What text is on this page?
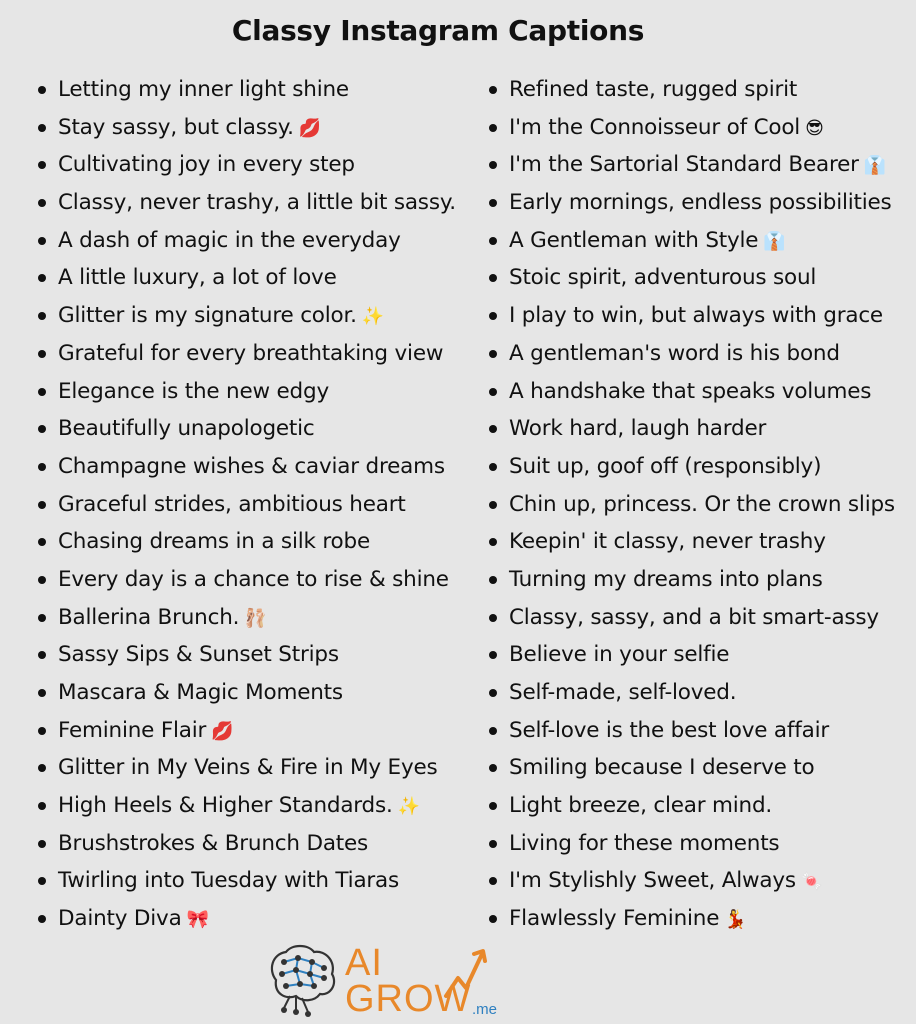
Classy Instagram Captions
Letting my inner light shine
Stay sassy, but classy. 💋
Cultivating joy in every step
Classy, never trashy, a little bit sassy.
A dash of magic in the everyday
A little luxury, a lot of love
Glitter is my signature color. ✨
Grateful for every breathtaking view
Elegance is the new edgy
Beautifully unapologetic
Champagne wishes & caviar dreams
Graceful strides, ambitious heart
Chasing dreams in a silk robe
Every day is a chance to rise & shine
Ballerina Brunch. 🩰
Sassy Sips & Sunset Strips
Mascara & Magic Moments
Feminine Flair 💋
Glitter in My Veins & Fire in My Eyes
High Heels & Higher Standards. ✨
Brushstrokes & Brunch Dates
Twirling into Tuesday with Tiaras
Dainty Diva 🎀
Refined taste, rugged spirit
I'm the Connoisseur of Cool 😎
I'm the Sartorial Standard Bearer 👔
Early mornings, endless possibilities
A Gentleman with Style 👔
Stoic spirit, adventurous soul
I play to win, but always with grace
A gentleman's word is his bond
A handshake that speaks volumes
Work hard, laugh harder
Suit up, goof off (responsibly)
Chin up, princess. Or the crown slips
Keepin' it classy, never trashy
Turning my dreams into plans
Classy, sassy, and a bit smart-assy
Believe in your selfie
Self-made, self-loved.
Self-love is the best love affair
Smiling because I deserve to
Light breeze, clear mind.
Living for these moments
I'm Stylishly Sweet, Always 🍬
Flawlessly Feminine 💃
AI
GROW .me
